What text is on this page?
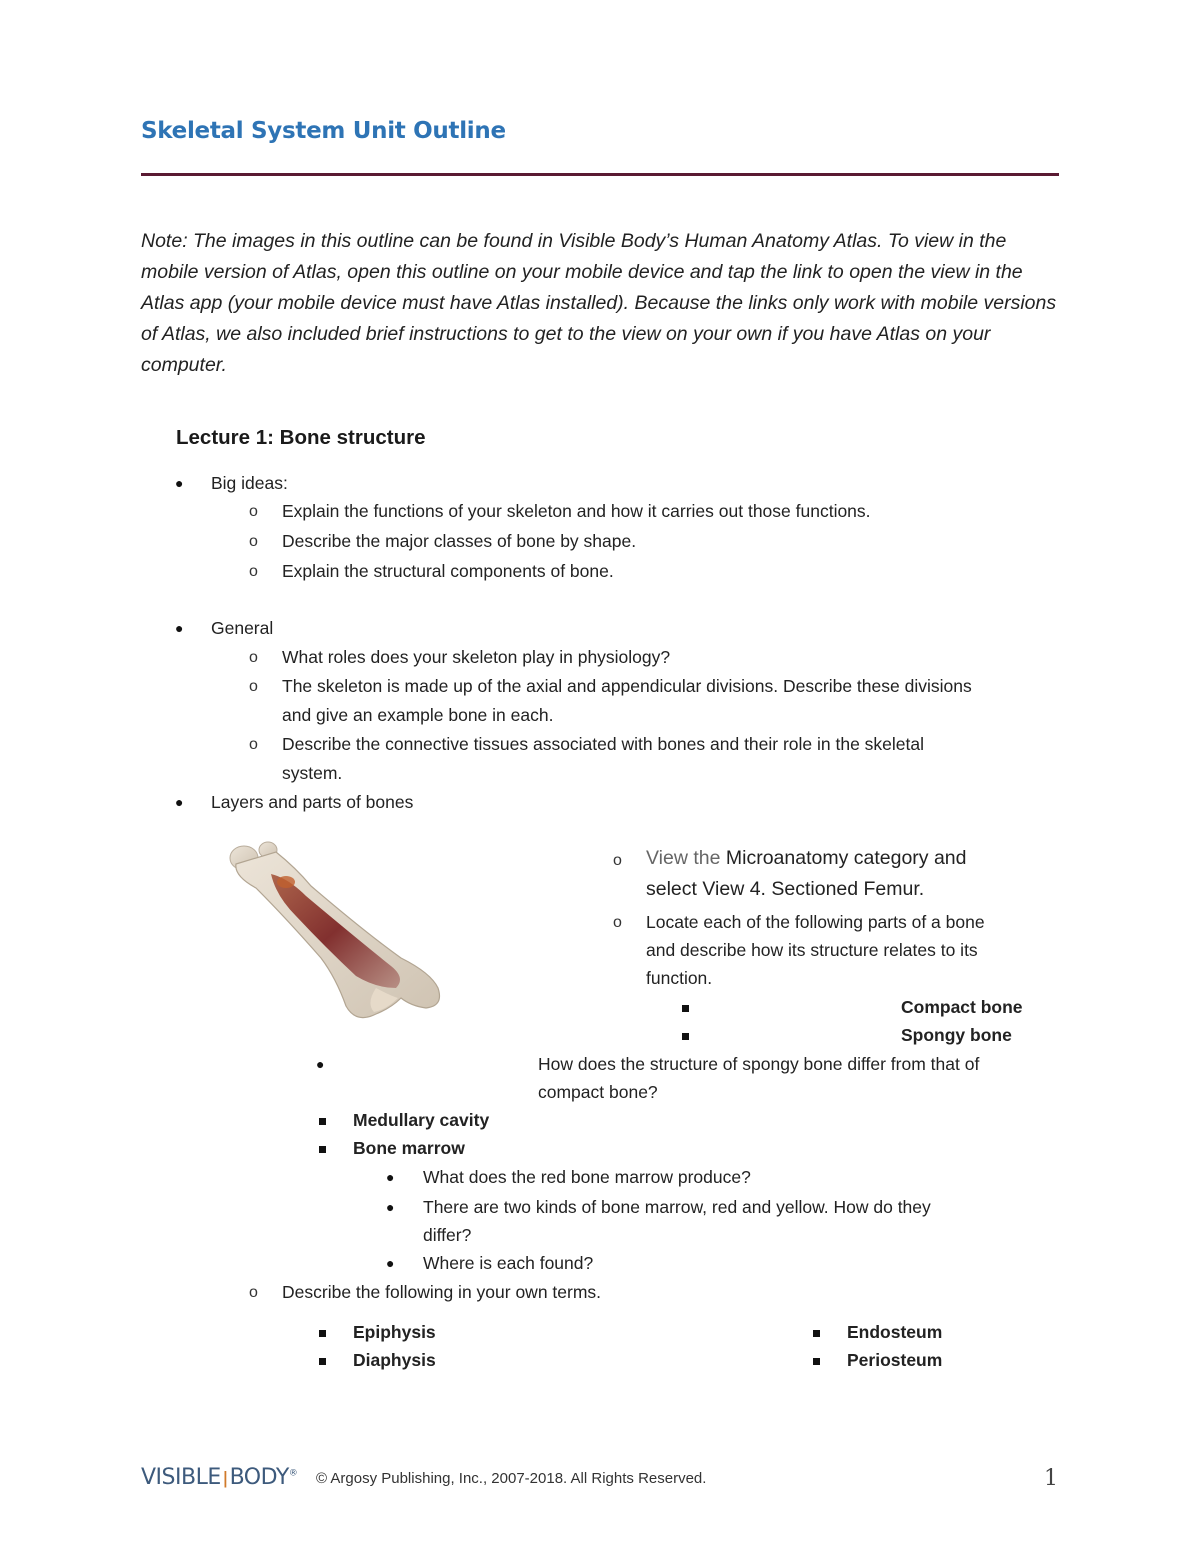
Skeletal System Unit Outline
Note: The images in this outline can be found in Visible Body’s Human Anatomy Atlas. To view in the mobile version of Atlas, open this outline on your mobile device and tap the link to open the view in the Atlas app (your mobile device must have Atlas installed). Because the links only work with mobile versions of Atlas, we also included brief instructions to get to the view on your own if you have Atlas on your computer.
Lecture 1: Bone structure
● Big ideas:
o Explain the functions of your skeleton and how it carries out those functions.
o Describe the major classes of bone by shape.
o Explain the structural components of bone.
● General
o What roles does your skeleton play in physiology?
o The skeleton is made up of the axial and appendicular divisions. Describe these divisions
and give an example bone in each.
o Describe the connective tissues associated with bones and their role in the skeletal
system.
● Layers and parts of bones
o View the Microanatomy category and
select View 4. Sectioned Femur.
o Locate each of the following parts of a bone
and describe how its structure relates to its
function.
Compact bone
Spongy bone
●	How does the structure of spongy bone differ from that of
compact bone?
Medullary cavity
Bone marrow
● What does the red bone marrow produce?
● There are two kinds of bone marrow, red and yellow. How do they
differ?
● Where is each found?
o Describe the following in your own terms.
Epiphysis
Diaphysis
Endosteum
Periosteum
VISIBLE ǀBODY® © Argosy Publishing, Inc., 2007-2018. All Rights Reserved.	1
